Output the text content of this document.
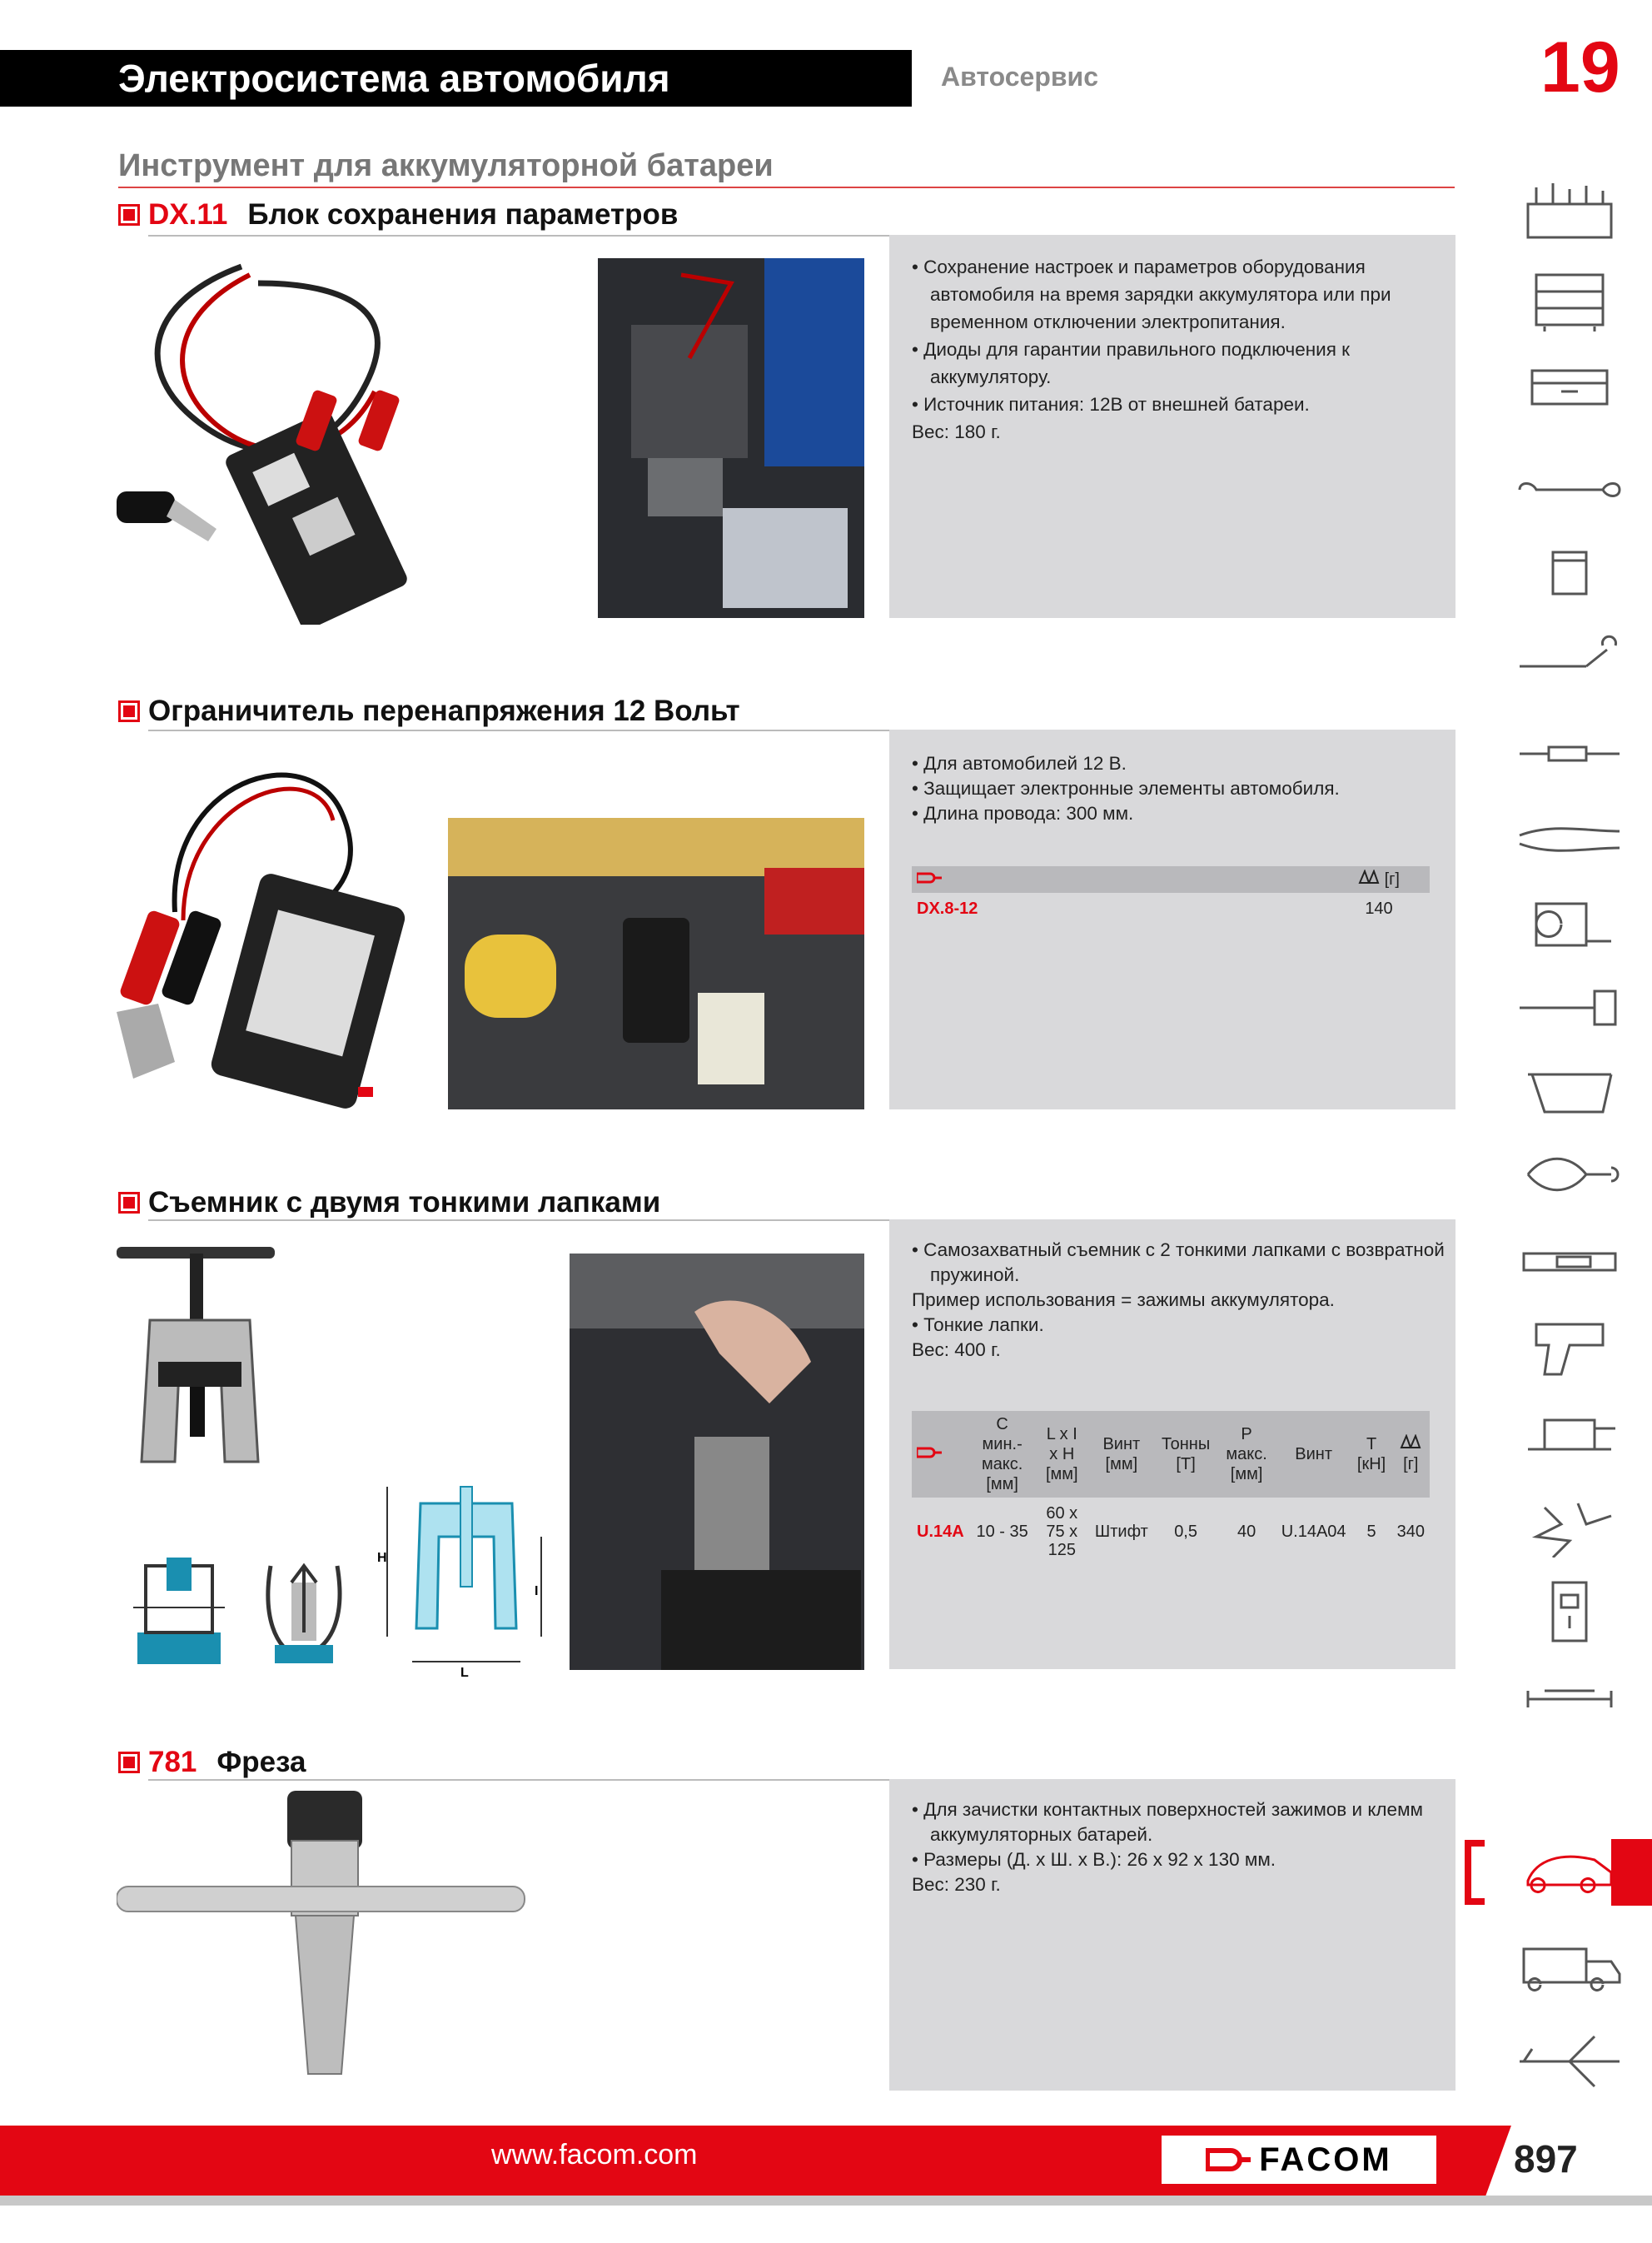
Электросистема автомобиля	Автосервис	19
Инструмент для аккумуляторной батареи
DX.11 Блок сохранения параметров

• Сохранение настроек и параметров оборудования

автомобиля на время зарядки аккумулятора или при

временном отключении электропитания.

• Диоды для гарантии правильного подключения к

аккумулятору.

• Источник питания: 12В от внешней батареи.

Вес: 180 г.

Ограничитель перенапряжения 12 Вольт

• Для автомобилей 12 В.

• Защищает электронные элементы автомобиля.

• Длина провода: 300 мм.

	[г]
DX.8-12	140
Съемник с двумя тонкими лапками
H
I
L

• Самозахватный съемник с 2 тонкими лапками с возвратной

пружиной.

Пример использования = зажимы аккумулятора.

• Тонкие лапки.

Вес: 400 г.

	С мин.- макс. [мм]	L x I x H [мм]	Винт [мм]	Тонны [Т]	P макс. [мм]	Винт	T [кН]	[г]
U.14A	10 - 35	60 x 75 x 125	Штифт	0,5	40	U.14A04	5	340
781 Фреза

• Для зачистки контактных поверхностей зажимов и клемм

аккумуляторных батарей.

• Размеры (Д. x Ш. x В.): 26 x 92 x 130 мм.

Вес: 230 г.

www.facom.com	FACOM	897
